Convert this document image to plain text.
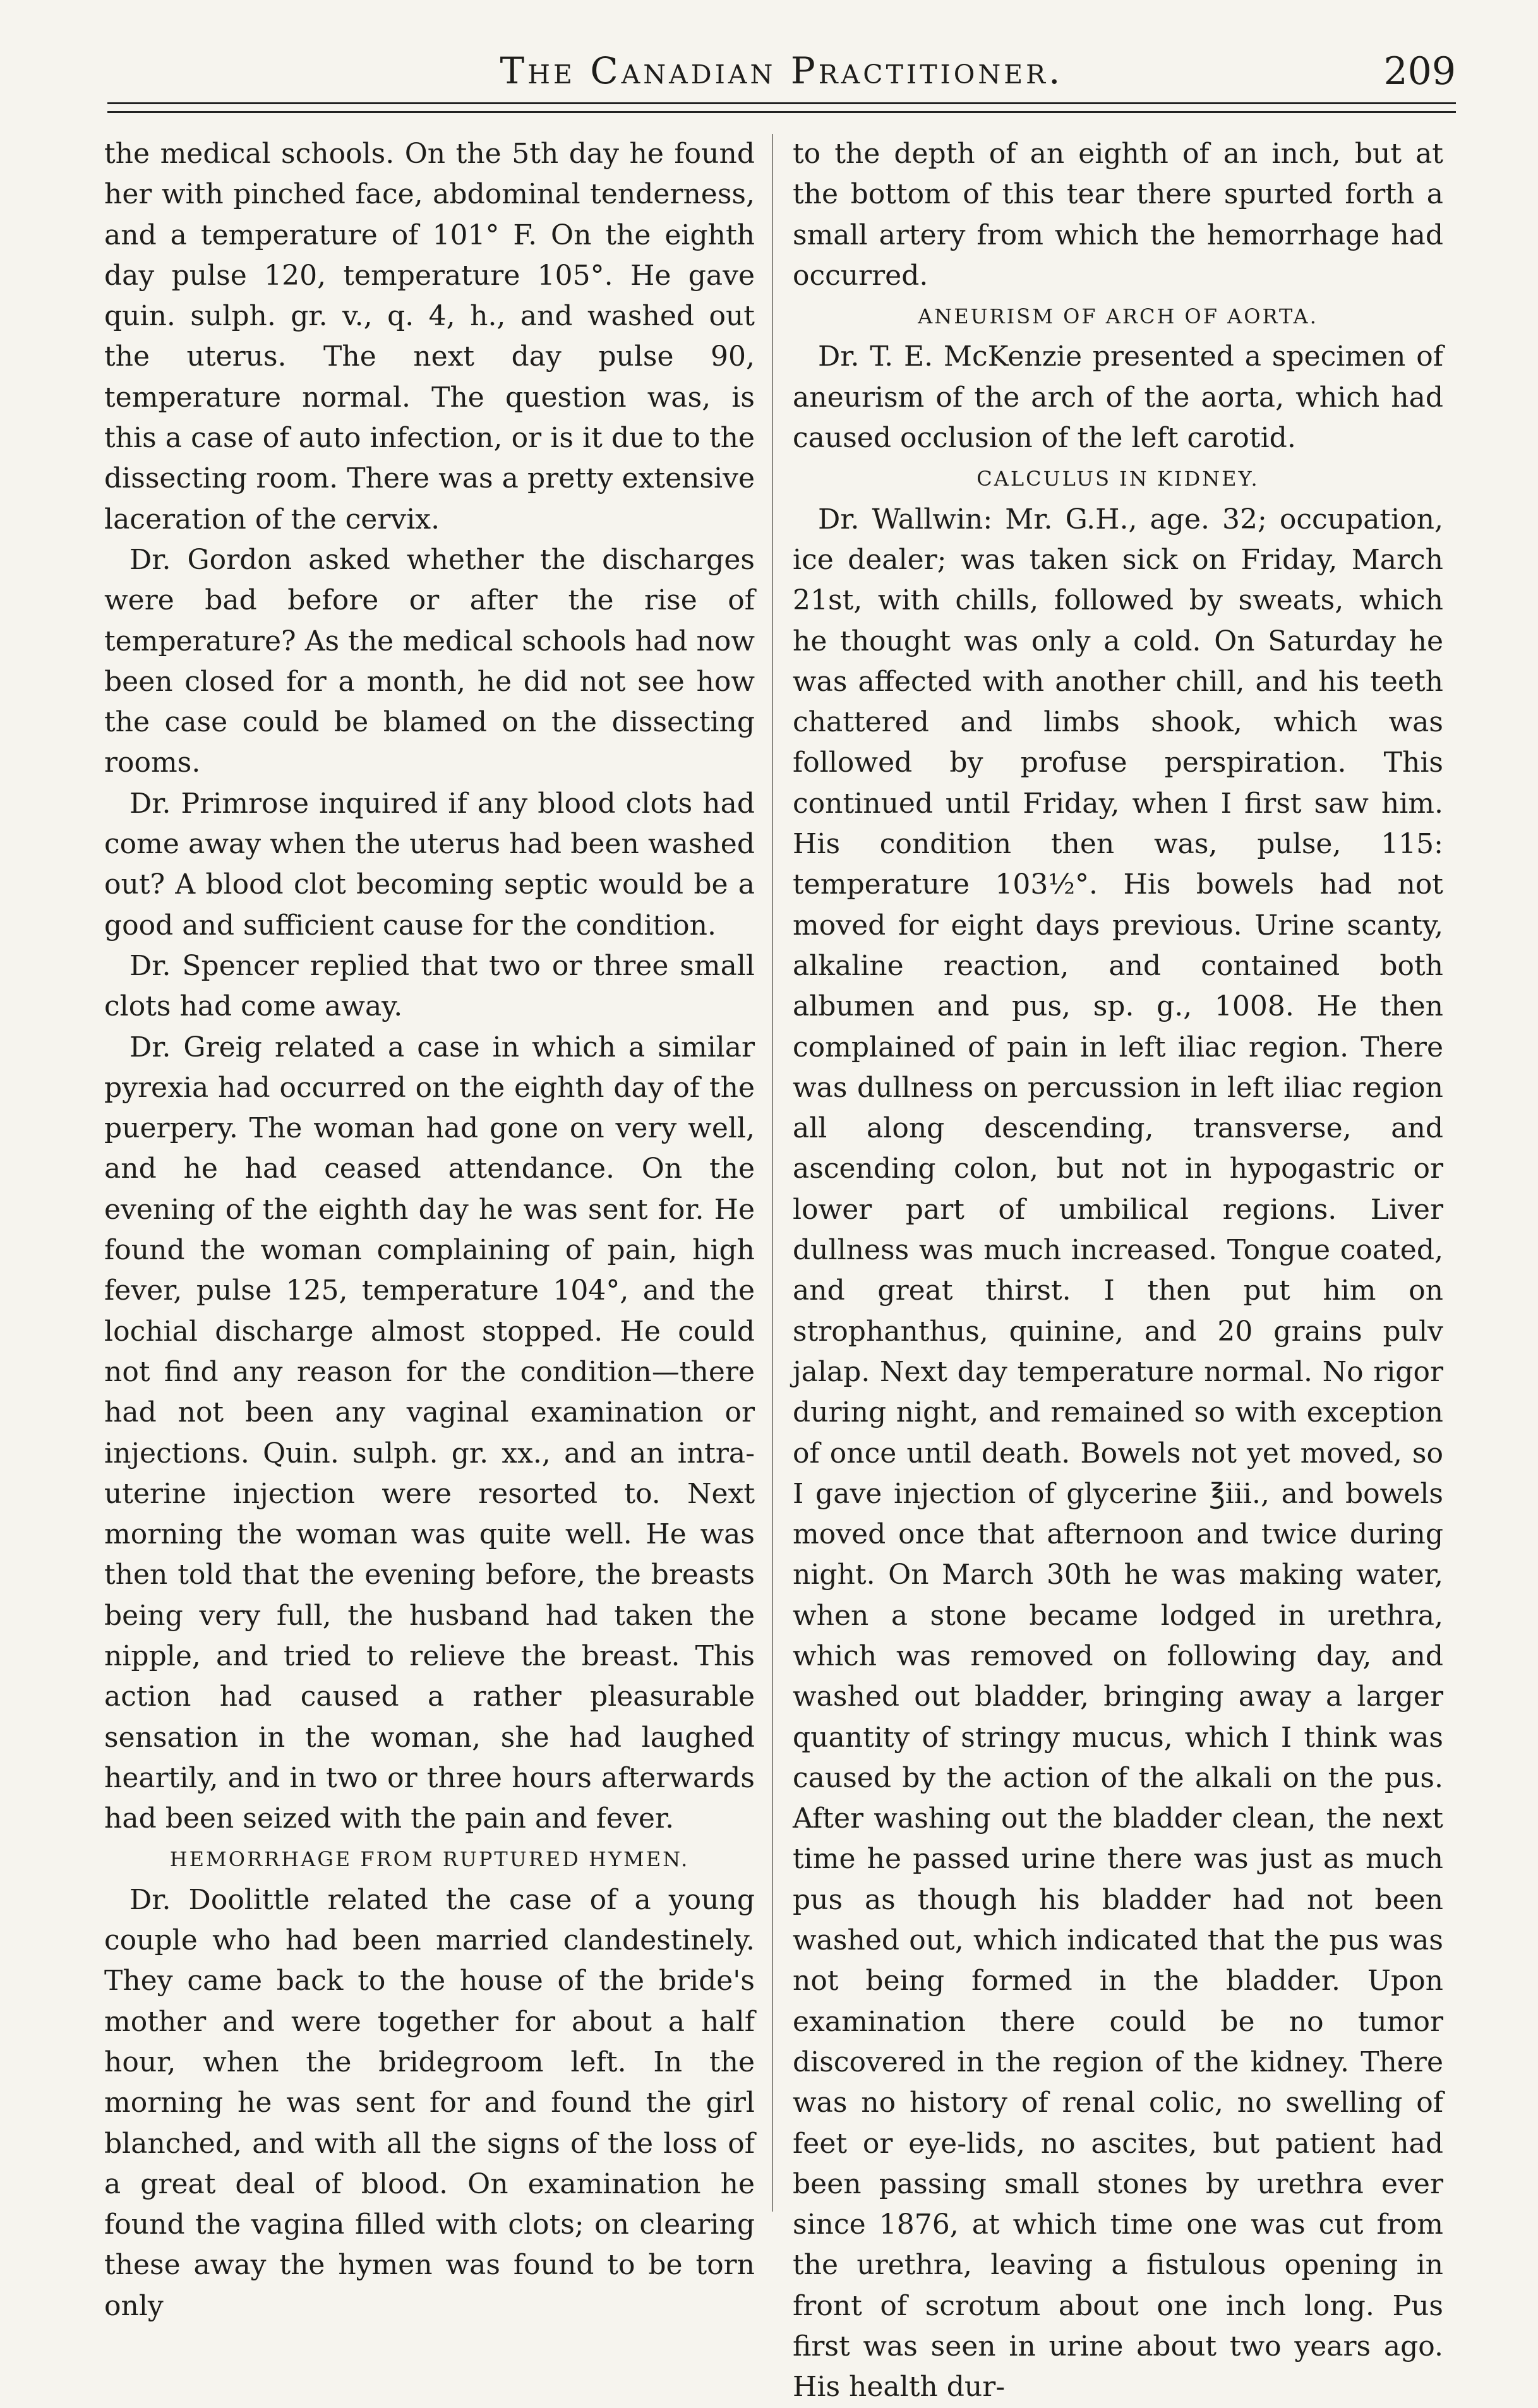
The Canadian Practitioner.	209

the medical schools. On the 5th day he found her with pinched face, abdominal tenderness, and a temperature of 101° F. On the eighth day pulse 120, temperature 105°. He gave quin. sulph. gr. v., q. 4, h., and washed out the uterus. The next day pulse 90, temperature normal. The question was, is this a case of auto infection, or is it due to the dissecting room. There was a pretty extensive laceration of the cervix.

Dr. Gordon asked whether the discharges were bad before or after the rise of temperature? As the medical schools had now been closed for a month, he did not see how the case could be blamed on the dissecting rooms.

Dr. Primrose inquired if any blood clots had come away when the uterus had been washed out? A blood clot becoming septic would be a good and sufficient cause for the condition.

Dr. Spencer replied that two or three small clots had come away.

Dr. Greig related a case in which a similar pyrexia had occurred on the eighth day of the puerpery. The woman had gone on very well, and he had ceased attendance. On the evening of the eighth day he was sent for. He found the woman complaining of pain, high fever, pulse 125, temperature 104°, and the lochial discharge almost stopped. He could not find any reason for the condition—there had not been any vaginal examination or injections. Quin. sulph. gr. xx., and an intra-uterine injection were resorted to. Next morning the woman was quite well. He was then told that the evening before, the breasts being very full, the husband had taken the nipple, and tried to relieve the breast. This action had caused a rather pleasurable sensation in the woman, she had laughed heartily, and in two or three hours afterwards had been seized with the pain and fever.

HEMORRHAGE FROM RUPTURED HYMEN.

Dr. Doolittle related the case of a young couple who had been married clandestinely. They came back to the house of the bride's mother and were together for about a half hour, when the bridegroom left. In the morning he was sent for and found the girl blanched, and with all the signs of the loss of a great deal of blood. On examination he found the vagina filled with clots; on clearing these away the hymen was found to be torn only

to the depth of an eighth of an inch, but at the bottom of this tear there spurted forth a small artery from which the hemorrhage had occurred.

ANEURISM OF ARCH OF AORTA.

Dr. T. E. McKenzie presented a specimen of aneurism of the arch of the aorta, which had caused occlusion of the left carotid.

CALCULUS IN KIDNEY.

Dr. Wallwin: Mr. G.H., age. 32; occupation, ice dealer; was taken sick on Friday, March 21st, with chills, followed by sweats, which he thought was only a cold. On Saturday he was affected with another chill, and his teeth chattered and limbs shook, which was followed by profuse perspiration. This continued until Friday, when I first saw him. His condition then was, pulse, 115: temperature 103½°. His bowels had not moved for eight days previous. Urine scanty, alkaline reaction, and contained both albumen and pus, sp. g., 1008. He then complained of pain in left iliac region. There was dullness on percussion in left iliac region all along descending, transverse, and ascending colon, but not in hypogastric or lower part of umbilical regions. Liver dullness was much increased. Tongue coated, and great thirst. I then put him on strophanthus, quinine, and 20 grains pulv jalap. Next day temperature normal. No rigor during night, and remained so with exception of once until death. Bowels not yet moved, so I gave injection of glycerine ℥iii., and bowels moved once that afternoon and twice during night. On March 30th he was making water, when a stone became lodged in urethra, which was removed on following day, and washed out bladder, bringing away a larger quantity of stringy mucus, which I think was caused by the action of the alkali on the pus. After washing out the bladder clean, the next time he passed urine there was just as much pus as though his bladder had not been washed out, which indicated that the pus was not being formed in the bladder. Upon examination there could be no tumor discovered in the region of the kidney. There was no history of renal colic, no swelling of feet or eye-lids, no ascites, but patient had been passing small stones by urethra ever since 1876, at which time one was cut from the urethra, leaving a fistulous opening in front of scrotum about one inch long. Pus first was seen in urine about two years ago. His health dur-
